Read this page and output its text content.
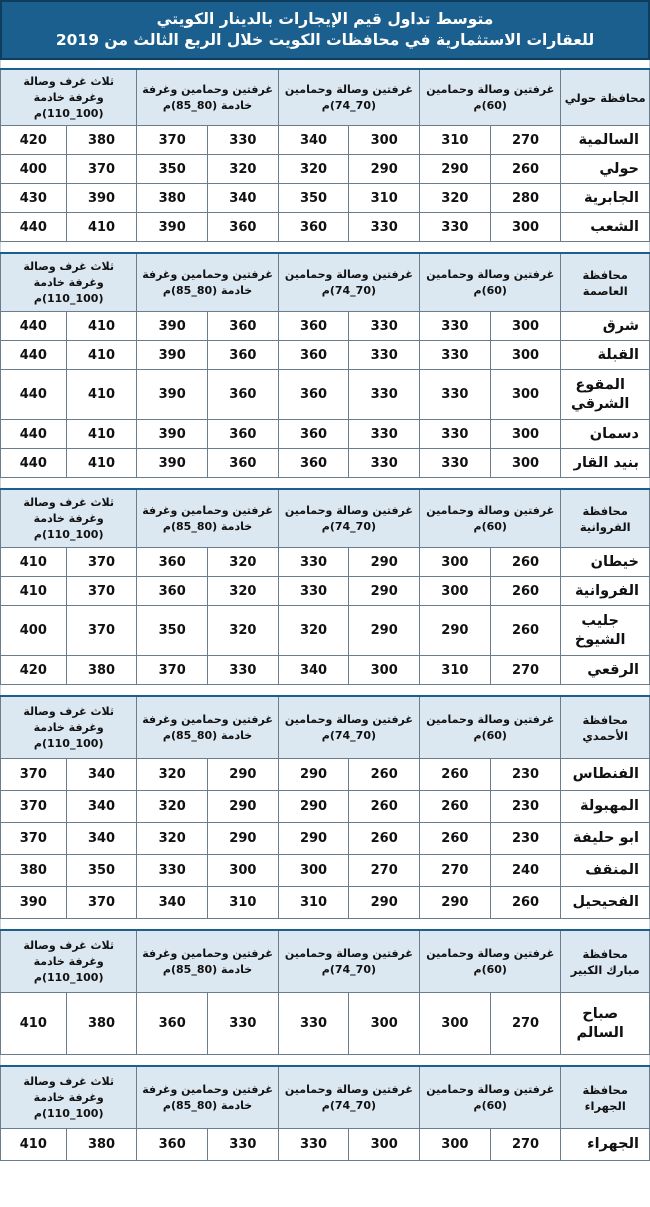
متوسط تداول قيم الإيجارات بالدينار الكويتي
للعقارات الاستثمارية في محافظات الكويت خلال الربع الثالث من 2019
محافظة حولي
غرفتين وصالة وحمامين (60)م
غرفتين وصالة وحمامين (70_74)م
غرفتين وحمامين وغرفة خادمة (80_85)م
ثلاث غرف وصالة وغرفة خادمة (100_110)م
السالمية
270
310
300
340
330
370
380
420
حولي
260
290
290
320
320
350
370
400
الجابرية
280
320
310
350
340
380
390
430
الشعب
300
330
330
360
360
390
410
440
محافظة العاصمة
غرفتين وصالة وحمامين (60)م
غرفتين وصالة وحمامين (70_74)م
غرفتين وحمامين وغرفة خادمة (80_85)م
ثلاث غرف وصالة وغرفة خادمة (100_110)م
شرق
300
330
330
360
360
390
410
440
القبلة
300
330
330
360
360
390
410
440
المقوع الشرقي
300
330
330
360
360
390
410
440
دسمان
300
330
330
360
360
390
410
440
بنيد القار
300
330
330
360
360
390
410
440
محافظة الفروانية
غرفتين وصالة وحمامين (60)م
غرفتين وصالة وحمامين (70_74)م
غرفتين وحمامين وغرفة خادمة (80_85)م
ثلاث غرف وصالة وغرفة خادمة (100_110)م
خيطان
260
300
290
330
320
360
370
410
الفروانية
260
300
290
330
320
360
370
410
جليب الشيوخ
260
290
290
320
320
350
370
400
الرقعي
270
310
300
340
330
370
380
420
محافظة الأحمدي
غرفتين وصالة وحمامين (60)م
غرفتين وصالة وحمامين (70_74)م
غرفتين وحمامين وغرفة خادمة (80_85)م
ثلاث غرف وصالة وغرفة خادمة (100_110)م
الفنطاس
230
260
260
290
290
320
340
370
المهبولة
230
260
260
290
290
320
340
370
ابو حليفة
230
260
260
290
290
320
340
370
المنقف
240
270
270
300
300
330
350
380
الفحيحيل
260
290
290
310
310
340
370
390
محافظة مبارك الكبير
غرفتين وصالة وحمامين (60)م
غرفتين وصالة وحمامين (70_74)م
غرفتين وحمامين وغرفة خادمة (80_85)م
ثلاث غرف وصالة وغرفة خادمة (100_110)م
صباح السالم
270
300
300
330
330
360
380
410
محافظة الجهراء
غرفتين وصالة وحمامين (60)م
غرفتين وصالة وحمامين (70_74)م
غرفتين وحمامين وغرفة خادمة (80_85)م
ثلاث غرف وصالة وغرفة خادمة (100_110)م
الجهراء
270
300
300
330
330
360
380
410
